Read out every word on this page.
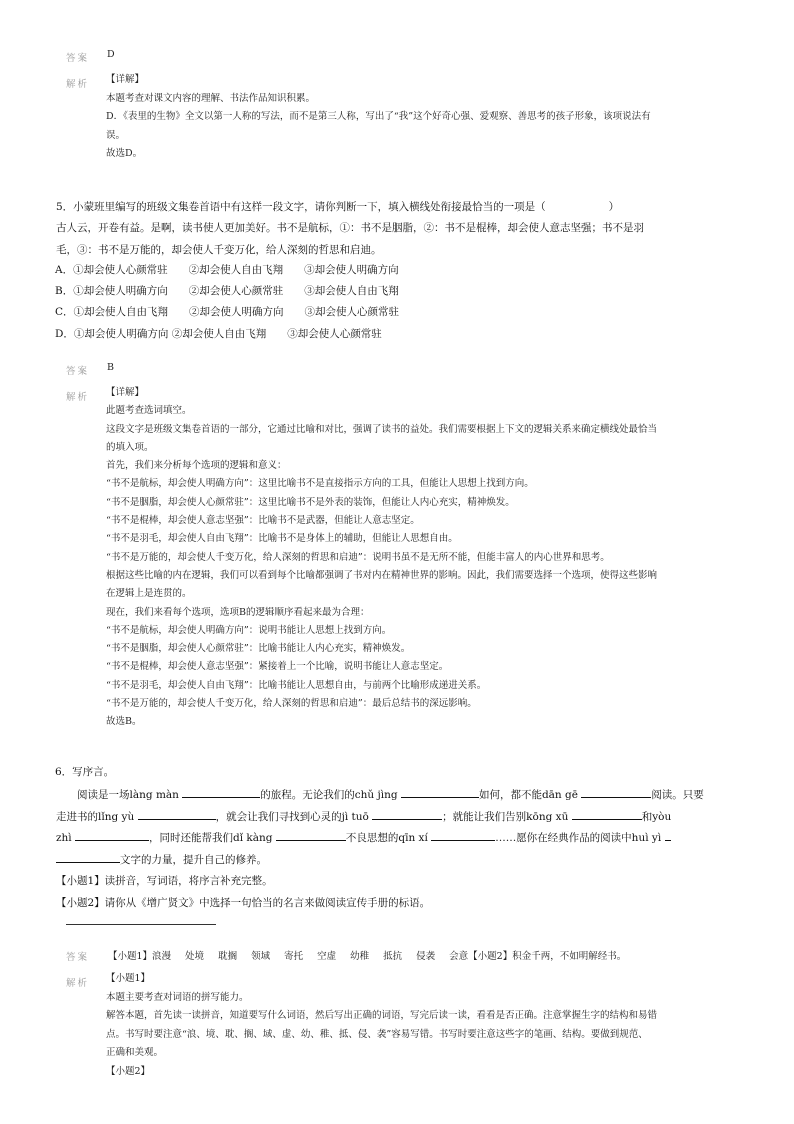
答案 D
解析 【详解】
本题考查对课文内容的理解、书法作品知识积累。
D．《表里的生物》全文以第一人称的写法，而不是第三人称，写出了“我”这个好奇心强、爱观察、善思考的孩子形象，该项说法有
误。
故选D。
5．小蒙班里编写的班级文集卷首语中有这样一段文字，请你判断一下，填入横线处衔接最恰当的一项是（　　　　　　）
古人云，开卷有益。是啊，读书使人更加美好。书不是航标，①：书不是胭脂，②：书不是棍棒，却会使人意志坚强；书不是羽
毛，③：书不是万能的，却会使人千变万化，给人深刻的哲思和启迪。
A．①却会使人心颜常驻　　②却会使人自由飞翔　　③却会使人明确方向
B．①却会使人明确方向　　②却会使人心颜常驻　　③却会使人自由飞翔
C．①却会使人自由飞翔　　②却会使人明确方向　　③却会使人心颜常驻
D．①却会使人明确方向 ②却会使人自由飞翔　　③却会使人心颜常驻
答案 B
解析 【详解】
此题考查选词填空。
这段文字是班级文集卷首语的一部分，它通过比喻和对比，强调了读书的益处。我们需要根据上下文的逻辑关系来确定横线处最恰当
的填入项。
首先，我们来分析每个选项的逻辑和意义：
“书不是航标，却会使人明确方向”：这里比喻书不是直接指示方向的工具，但能让人思想上找到方向。
“书不是胭脂，却会使人心颜常驻”：这里比喻书不是外表的装饰，但能让人内心充实，精神焕发。
“书不是棍棒，却会使人意志坚强”：比喻书不是武器，但能让人意志坚定。
“书不是羽毛，却会使人自由飞翔”：比喻书不是身体上的辅助，但能让人思想自由。
“书不是万能的，却会使人千变万化，给人深刻的哲思和启迪”：说明书虽不是无所不能，但能丰富人的内心世界和思考。
根据这些比喻的内在逻辑，我们可以看到每个比喻都强调了书对内在精神世界的影响。因此，我们需要选择一个选项，使得这些影响
在逻辑上是连贯的。
现在，我们来看每个选项，选项B的逻辑顺序看起来最为合理：
“书不是航标，却会使人明确方向”：说明书能让人思想上找到方向。
“书不是胭脂，却会使人心颜常驻”：比喻书能让人内心充实，精神焕发。
“书不是棍棒，却会使人意志坚强”：紧接着上一个比喻，说明书能让人意志坚定。
“书不是羽毛，却会使人自由飞翔”：比喻书能让人思想自由，与前两个比喻形成递进关系。
“书不是万能的，却会使人千变万化，给人深刻的哲思和启迪”：最后总结书的深远影响。
故选B。
6．写序言。
　　阅读是一场làng màn	的旅程。无论我们的chǔ jìng	如何，都不能dān gē	阅读。只要
走进书的lǐng yù	，就会让我们寻找到心灵的jì tuō	；就能让我们告别kōng xū	和yòu
zhì	，同时还能帮我们dǐ kàng	不良思想的qīn xí	……愿你在经典作品的阅读中huì yì
文字的力量，提升自己的修养。
【小题1】读拼音，写词语，将序言补充完整。
【小题2】请你从《增广贤文》中选择一句恰当的名言来做阅读宣传手册的标语。
答案 【小题1】浪漫 处境 耽搁 领域 寄托 空虚 幼稚 抵抗 侵袭 会意【小题2】积金千两，不如明解经书。
解析 【小题1】
本题主要考查对词语的拼写能力。
解答本题，首先读一读拼音，知道要写什么词语，然后写出正确的词语，写完后读一读，看看是否正确。注意掌握生字的结构和易错
点。书写时要注意“浪、境、耽、搁、域、虚、幼、稚、抵、侵、袭”容易写错。书写时要注意这些字的笔画、结构。要做到规范、
正确和美观。
【小题2】
